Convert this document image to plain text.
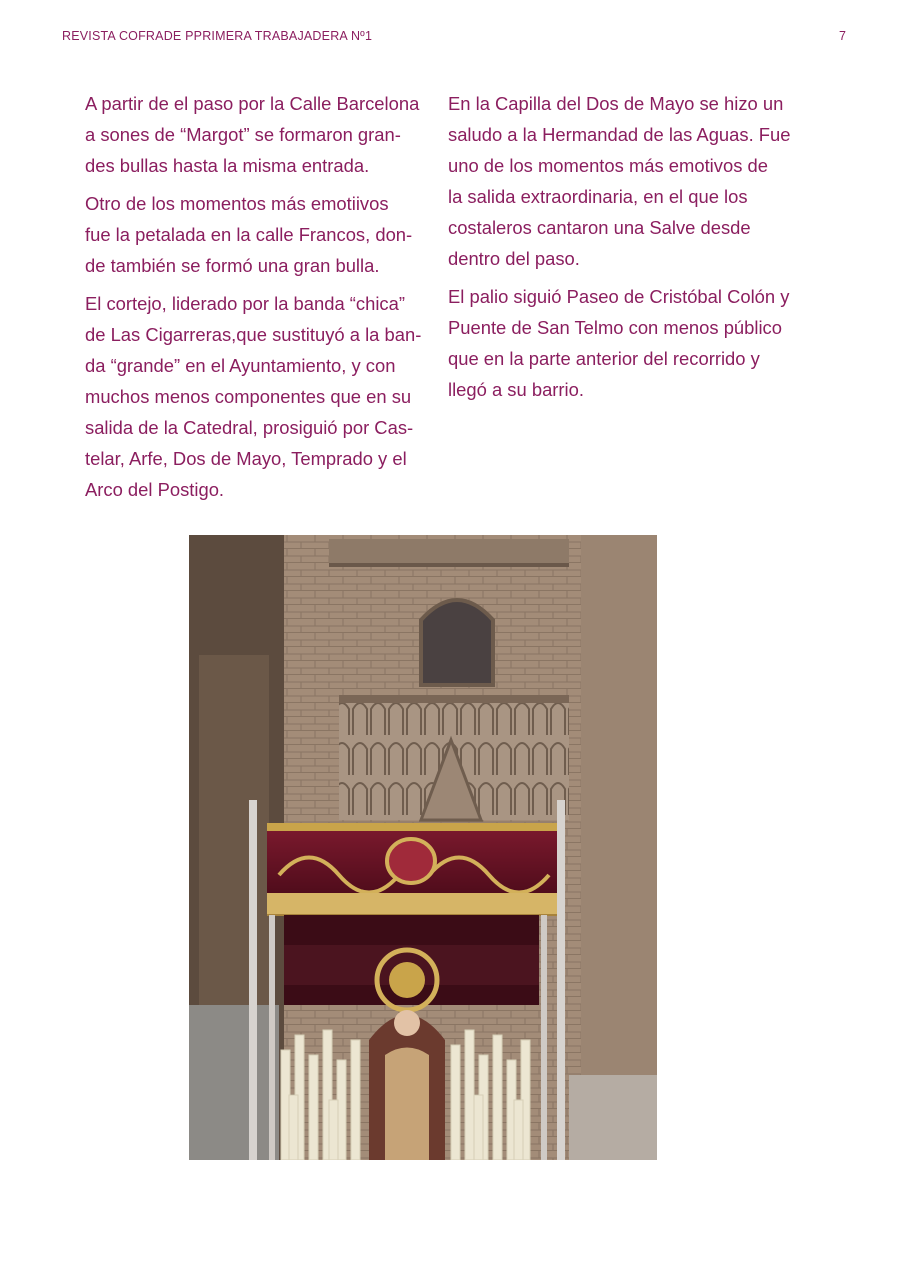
REVISTA COFRADE PPRIMERA TRABAJADERA Nº1	7

A partir de el paso por la Calle Barcelona
a sones de “Margot” se formaron gran-
des bullas hasta la misma entrada.

Otro de los momentos más emotiivos
fue la petalada en la calle Francos, don-
de también se formó una gran bulla.

El cortejo, liderado por la banda “chica”
de Las Cigarreras,que sustituyó a la ban-
da “grande” en el Ayuntamiento, y con
muchos menos componentes que en su
salida de la Catedral, prosiguió por Cas-
telar, Arfe, Dos de Mayo, Temprado y el
Arco del Postigo.

En la Capilla del Dos de Mayo se hizo un
saludo a la Hermandad de las Aguas. Fue
uno de los momentos más emotivos de
la salida extraordinaria, en el que los
costaleros cantaron una Salve desde
dentro del paso.

El palio siguió Paseo de Cristóbal Colón y
Puente de San Telmo con menos público
que en la parte anterior del recorrido y
llegó a su barrio.
